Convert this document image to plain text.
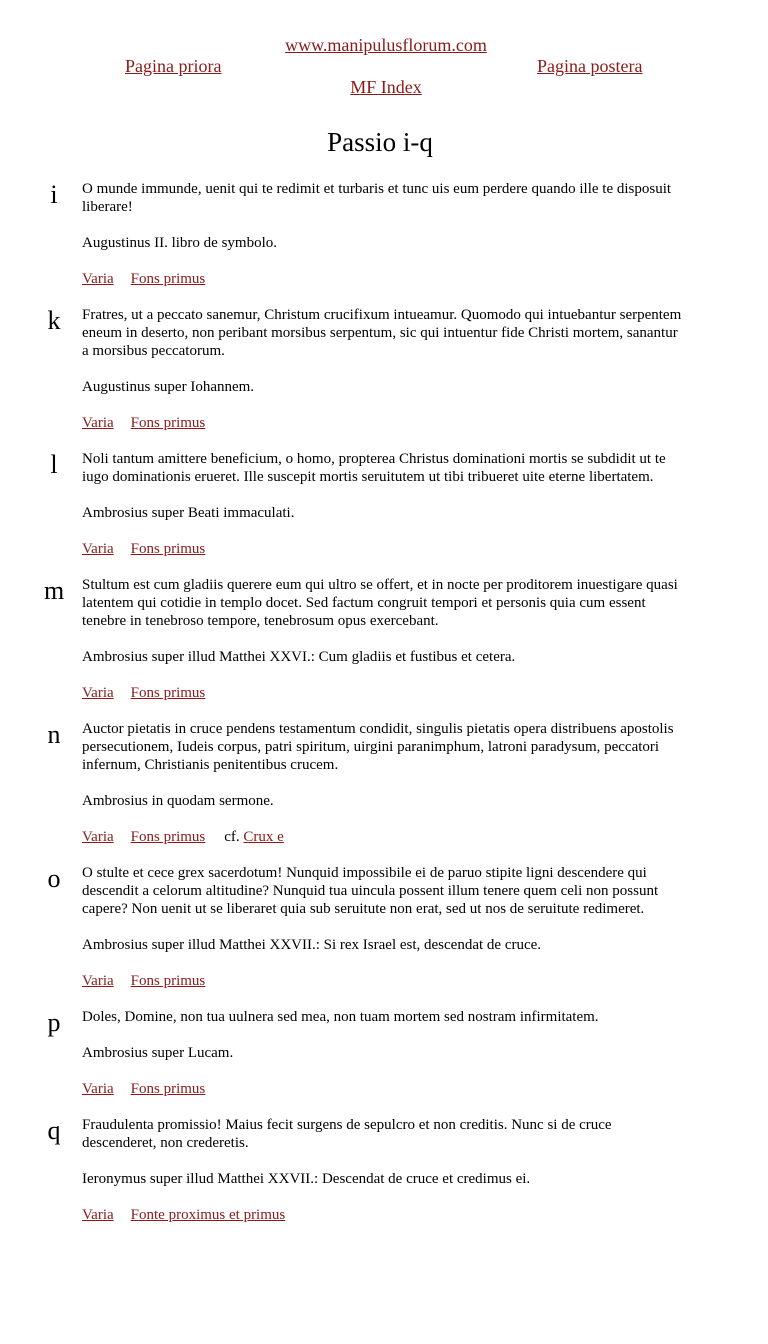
www.manipulusflorum.com
Pagina priora	Pagina postera
MF Index
Passio i-q
i	O munde immunde, uenit qui te redimit et turbaris et tunc uis eum perdere quando ille te disposuit liberare!

Augustinus II. libro de symbolo.

Varia Fons primus
k Fratres, ut a peccato sanemur, Christum crucifixum intueamur. Quomodo qui intuebantur serpentem eneum in deserto, non peribant morsibus serpentum, sic qui intuentur fide Christi mortem, sanantur a morsibus peccatorum.

Augustinus super Iohannem.

Varia Fons primus
l	Noli tantum amittere beneficium, o homo, propterea Christus dominationi mortis se subdidit ut te iugo dominationis erueret. Ille suscepit mortis seruitutem ut tibi tribueret uite eterne libertatem.

Ambrosius super Beati immaculati.

Varia Fons primus
m Stultum est cum gladiis querere eum qui ultro se offert, et in nocte per proditorem inuestigare quasi latentem qui cotidie in templo docet. Sed factum congruit tempori et personis quia cum essent tenebre in tenebroso tempore, tenebrosum opus exercebant.

Ambrosius super illud Matthei XXVI.: Cum gladiis et fustibus et cetera.

Varia Fons primus
n Auctor pietatis in cruce pendens testamentum condidit, singulis pietatis opera distribuens apostolis persecutionem, Iudeis corpus, patri spiritum, uirgini paranimphum, latroni paradysum, peccatori infernum, Christianis penitentibus crucem.

Ambrosius in quodam sermone.

Varia Fons primus cf. Crux e
o O stulte et cece grex sacerdotum! Nunquid impossibile ei de paruo stipite ligni descendere qui descendit a celorum altitudine? Nunquid tua uincula possent illum tenere quem celi non possunt capere? Non uenit ut se liberaret quia sub seruitute non erat, sed ut nos de seruitute redimeret.

Ambrosius super illud Matthei XXVII.: Si rex Israel est, descendat de cruce.

Varia Fons primus
p Doles, Domine, non tua uulnera sed mea, non tuam mortem sed nostram infirmitatem.

Ambrosius super Lucam.

Varia Fons primus
q Fraudulenta promissio! Maius fecit surgens de sepulcro et non creditis. Nunc si de cruce descenderet, non crederetis.

Ieronymus super illud Matthei XXVII.: Descendat de cruce et credimus ei.

Varia Fonte proximus et primus
